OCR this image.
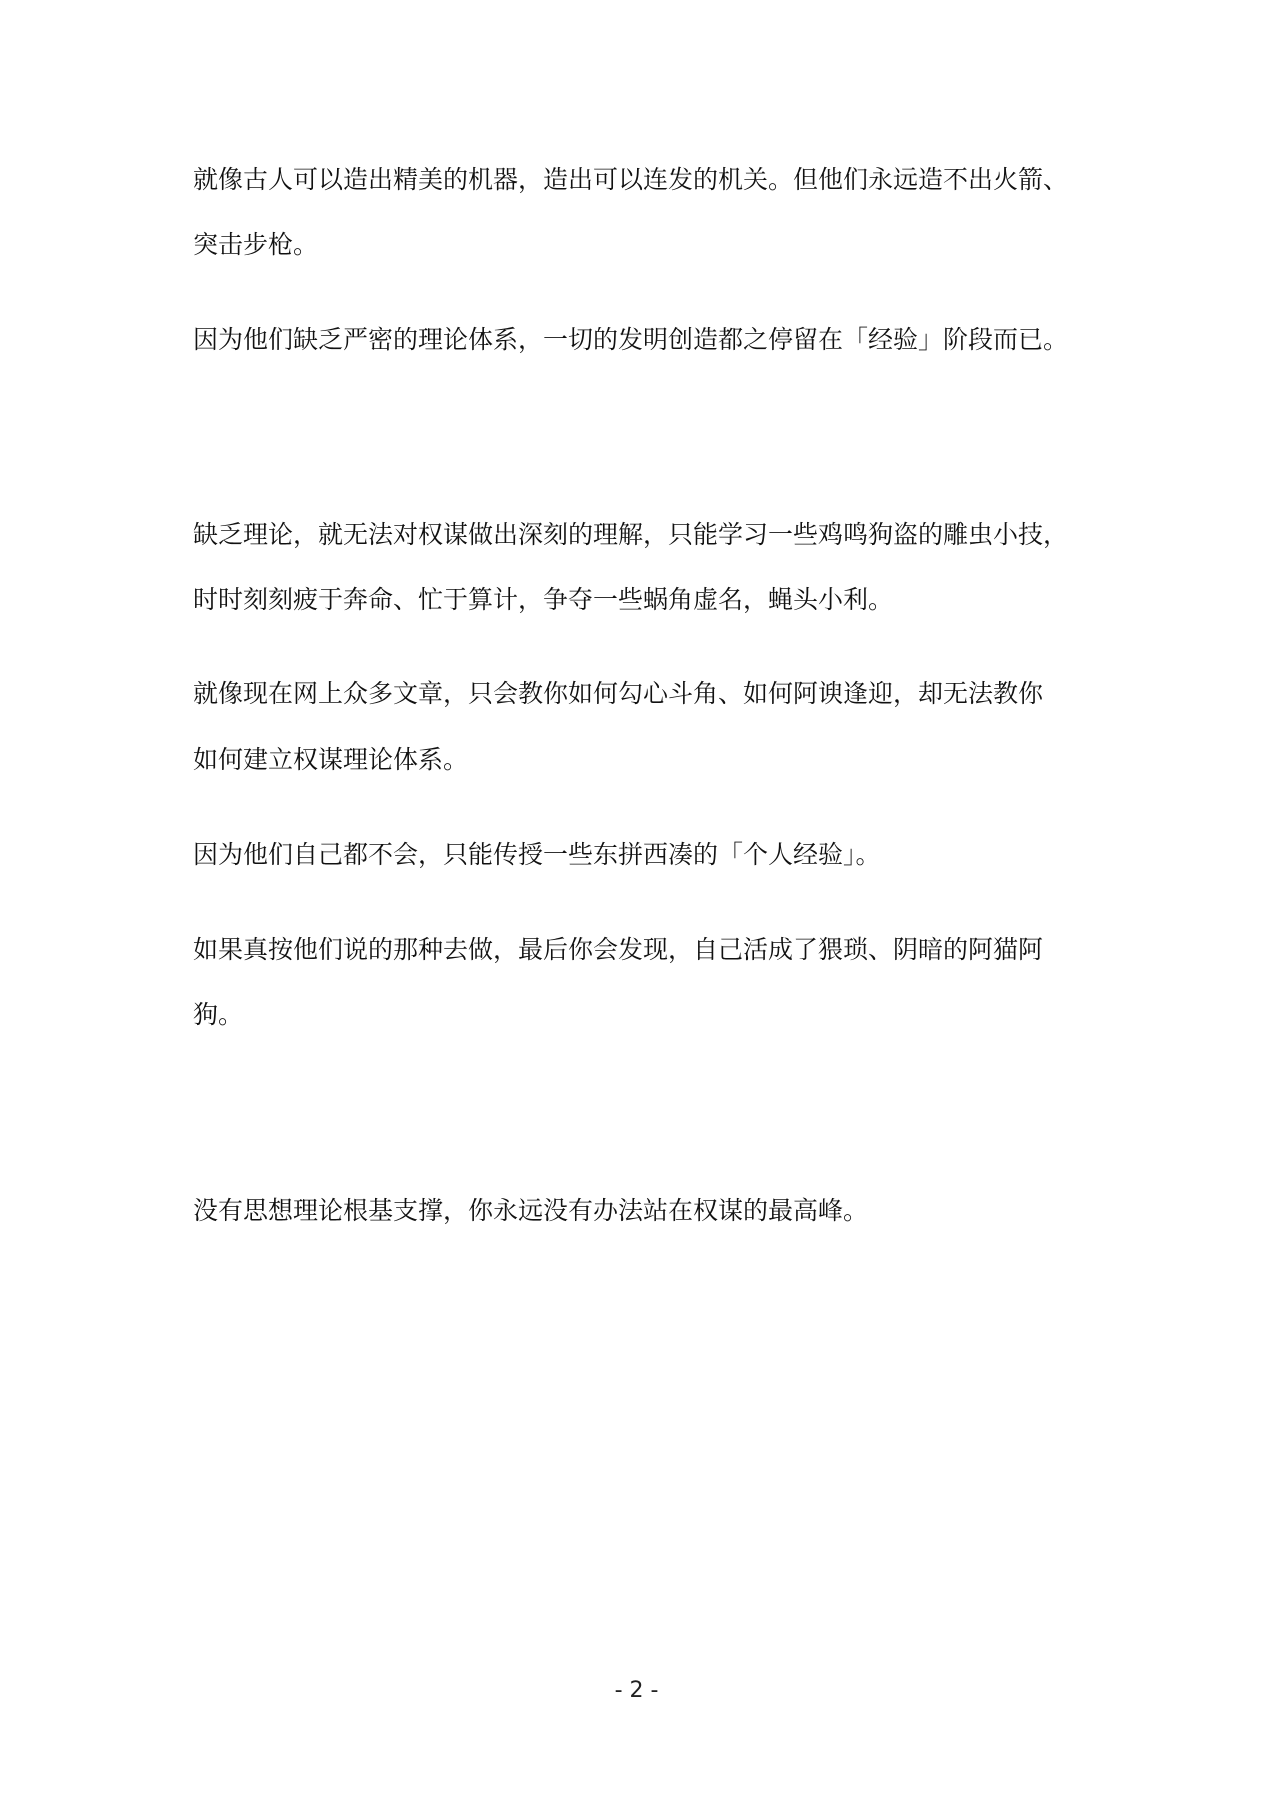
就像古人可以造出精美的机器，造出可以连发的机关。但他们永远造不出火箭、
突击步枪。
因为他们缺乏严密的理论体系，一切的发明创造都之停留在「经验」阶段而已。
缺乏理论，就无法对权谋做出深刻的理解，只能学习一些鸡鸣狗盗的雕虫小技，
时时刻刻疲于奔命、忙于算计，争夺一些蜗角虚名，蝇头小利。
就像现在网上众多文章，只会教你如何勾心斗角、如何阿谀逢迎，却无法教你
如何建立权谋理论体系。
因为他们自己都不会，只能传授一些东拼西凑的「个人经验」。
如果真按他们说的那种去做，最后你会发现，自己活成了猥琐、阴暗的阿猫阿
狗。
没有思想理论根基支撑，你永远没有办法站在权谋的最高峰。
- 2 -
